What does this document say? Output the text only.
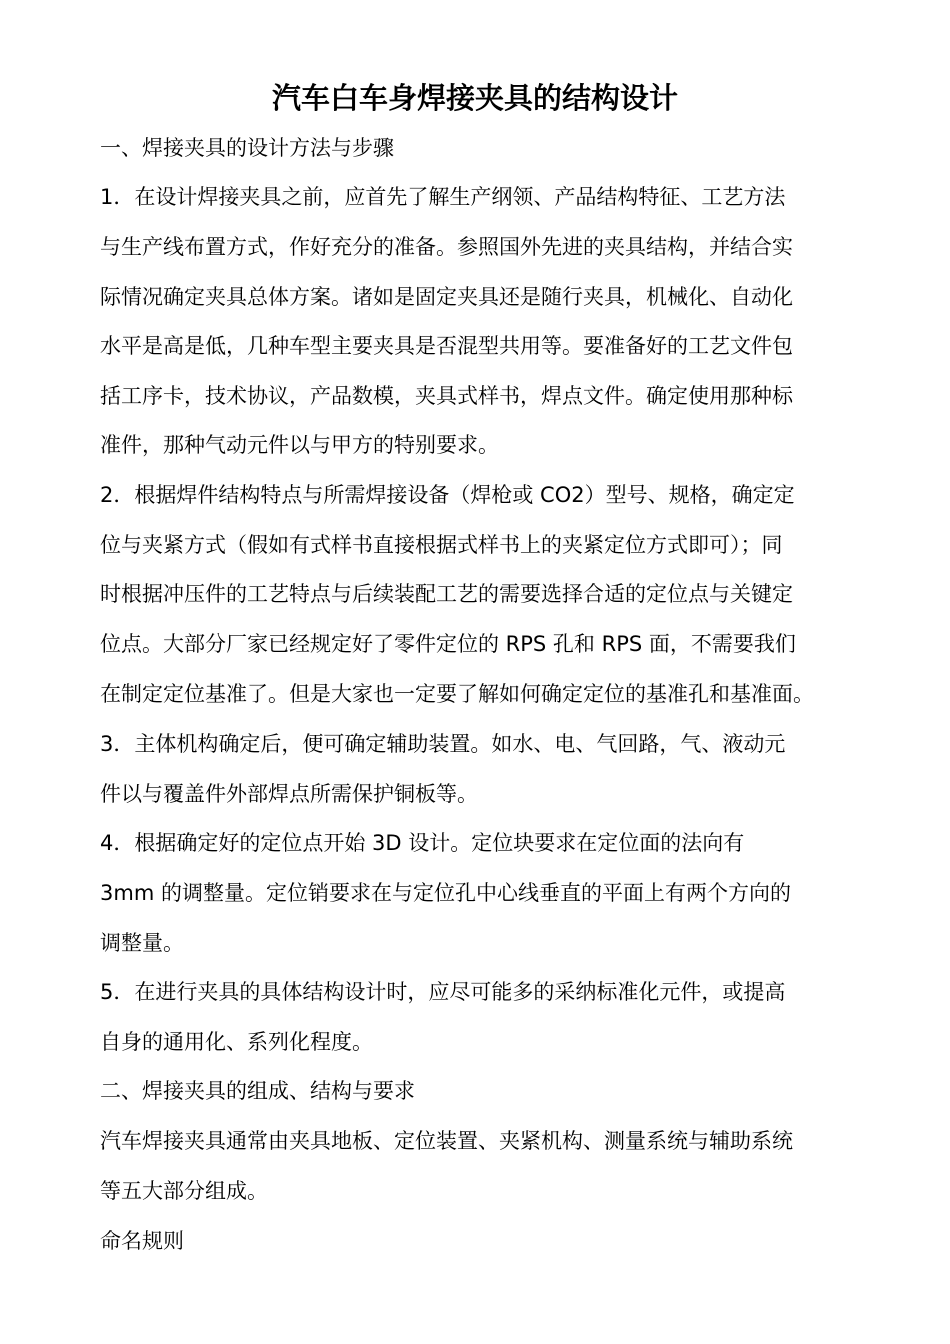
汽车白车身焊接夹具的结构设计

一、焊接夹具的设计方法与步骤

1．在设计焊接夹具之前，应首先了解生产纲领、产品结构特征、工艺方法

与生产线布置方式，作好充分的准备。参照国外先进的夹具结构，并结合实

际情况确定夹具总体方案。诸如是固定夹具还是随行夹具，机械化、自动化

水平是高是低，几种车型主要夹具是否混型共用等。要准备好的工艺文件包

括工序卡，技术协议，产品数模，夹具式样书，焊点文件。确定使用那种标

准件，那种气动元件以与甲方的特别要求。

2．根据焊件结构特点与所需焊接设备（焊枪或 CO2）型号、规格，确定定

位与夹紧方式（假如有式样书直接根据式样书上的夹紧定位方式即可）；同

时根据冲压件的工艺特点与后续装配工艺的需要选择合适的定位点与关键定

位点。大部分厂家已经规定好了零件定位的 RPS 孔和 RPS 面，不需要我们

在制定定位基准了。但是大家也一定要了解如何确定定位的基准孔和基准面。

3．主体机构确定后，便可确定辅助装置。如水、电、气回路，气、液动元

件以与覆盖件外部焊点所需保护铜板等。

4．根据确定好的定位点开始 3D 设计。定位块要求在定位面的法向有

3mm 的调整量。定位销要求在与定位孔中心线垂直的平面上有两个方向的

调整量。

5．在进行夹具的具体结构设计时，应尽可能多的采纳标准化元件，或提高

自身的通用化、系列化程度。

二、焊接夹具的组成、结构与要求

汽车焊接夹具通常由夹具地板、定位装置、夹紧机构、测量系统与辅助系统

等五大部分组成。

命名规则
